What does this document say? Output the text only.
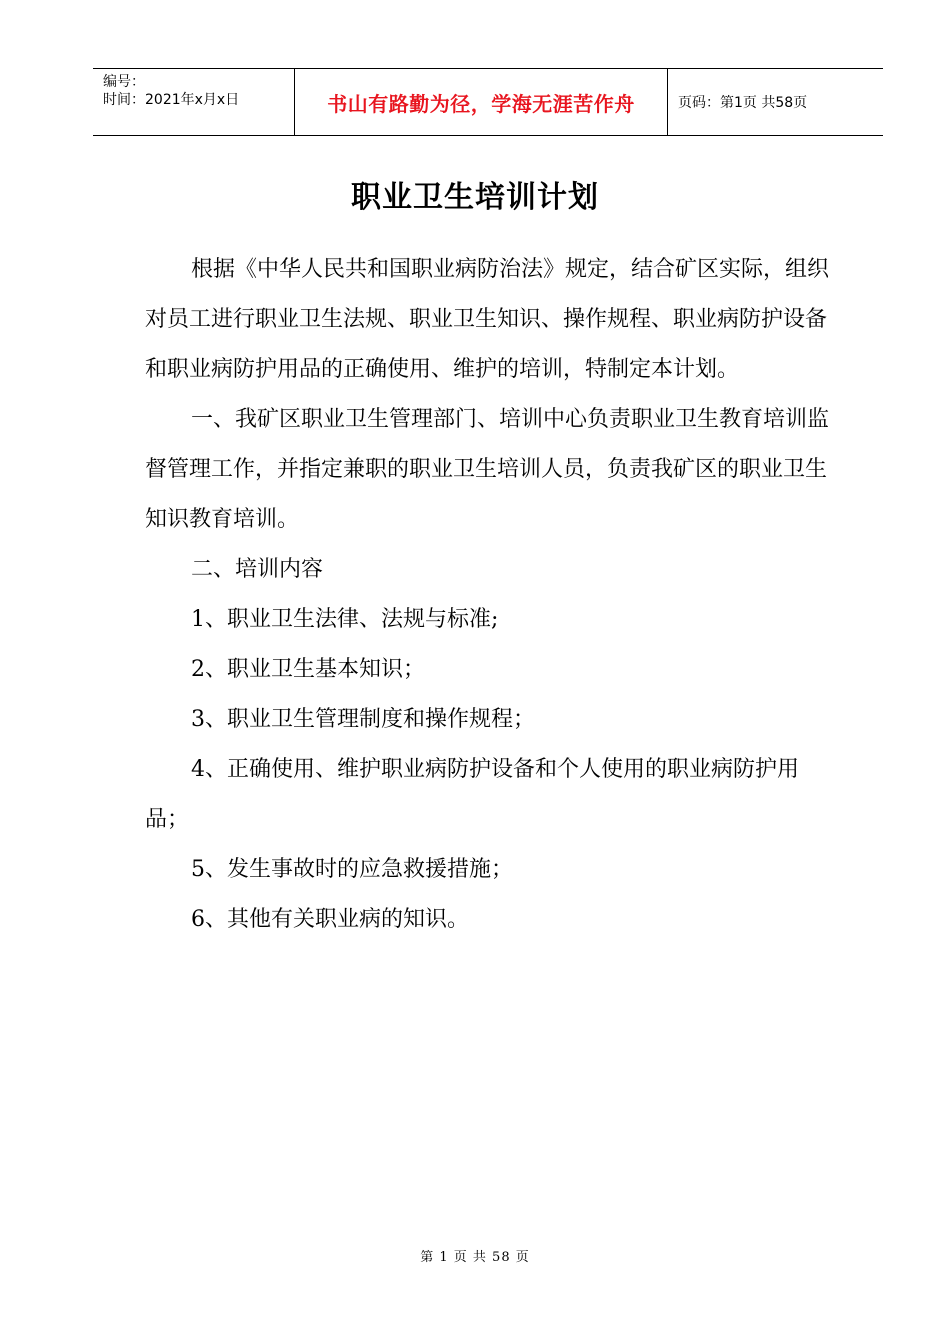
编号：
时间：2021年x月x日	书山有路勤为径，学海无涯苦作舟	页码：第1页 共58页
职业卫生培训计划

根据《中华人民共和国职业病防治法》规定，结合矿区实际，组织对员工进行职业卫生法规、职业卫生知识、操作规程、职业病防护设备和职业病防护用品的正确使用、维护的培训，特制定本计划。

一、我矿区职业卫生管理部门、培训中心负责职业卫生教育培训监督管理工作，并指定兼职的职业卫生培训人员，负责我矿区的职业卫生知识教育培训。

二、培训内容

1、职业卫生法律、法规与标准;

2、职业卫生基本知识；

3、职业卫生管理制度和操作规程；

4、正确使用、维护职业病防护设备和个人使用的职业病防护用品；

5、发生事故时的应急救援措施；

6、其他有关职业病的知识。

第 1 页 共 58 页
